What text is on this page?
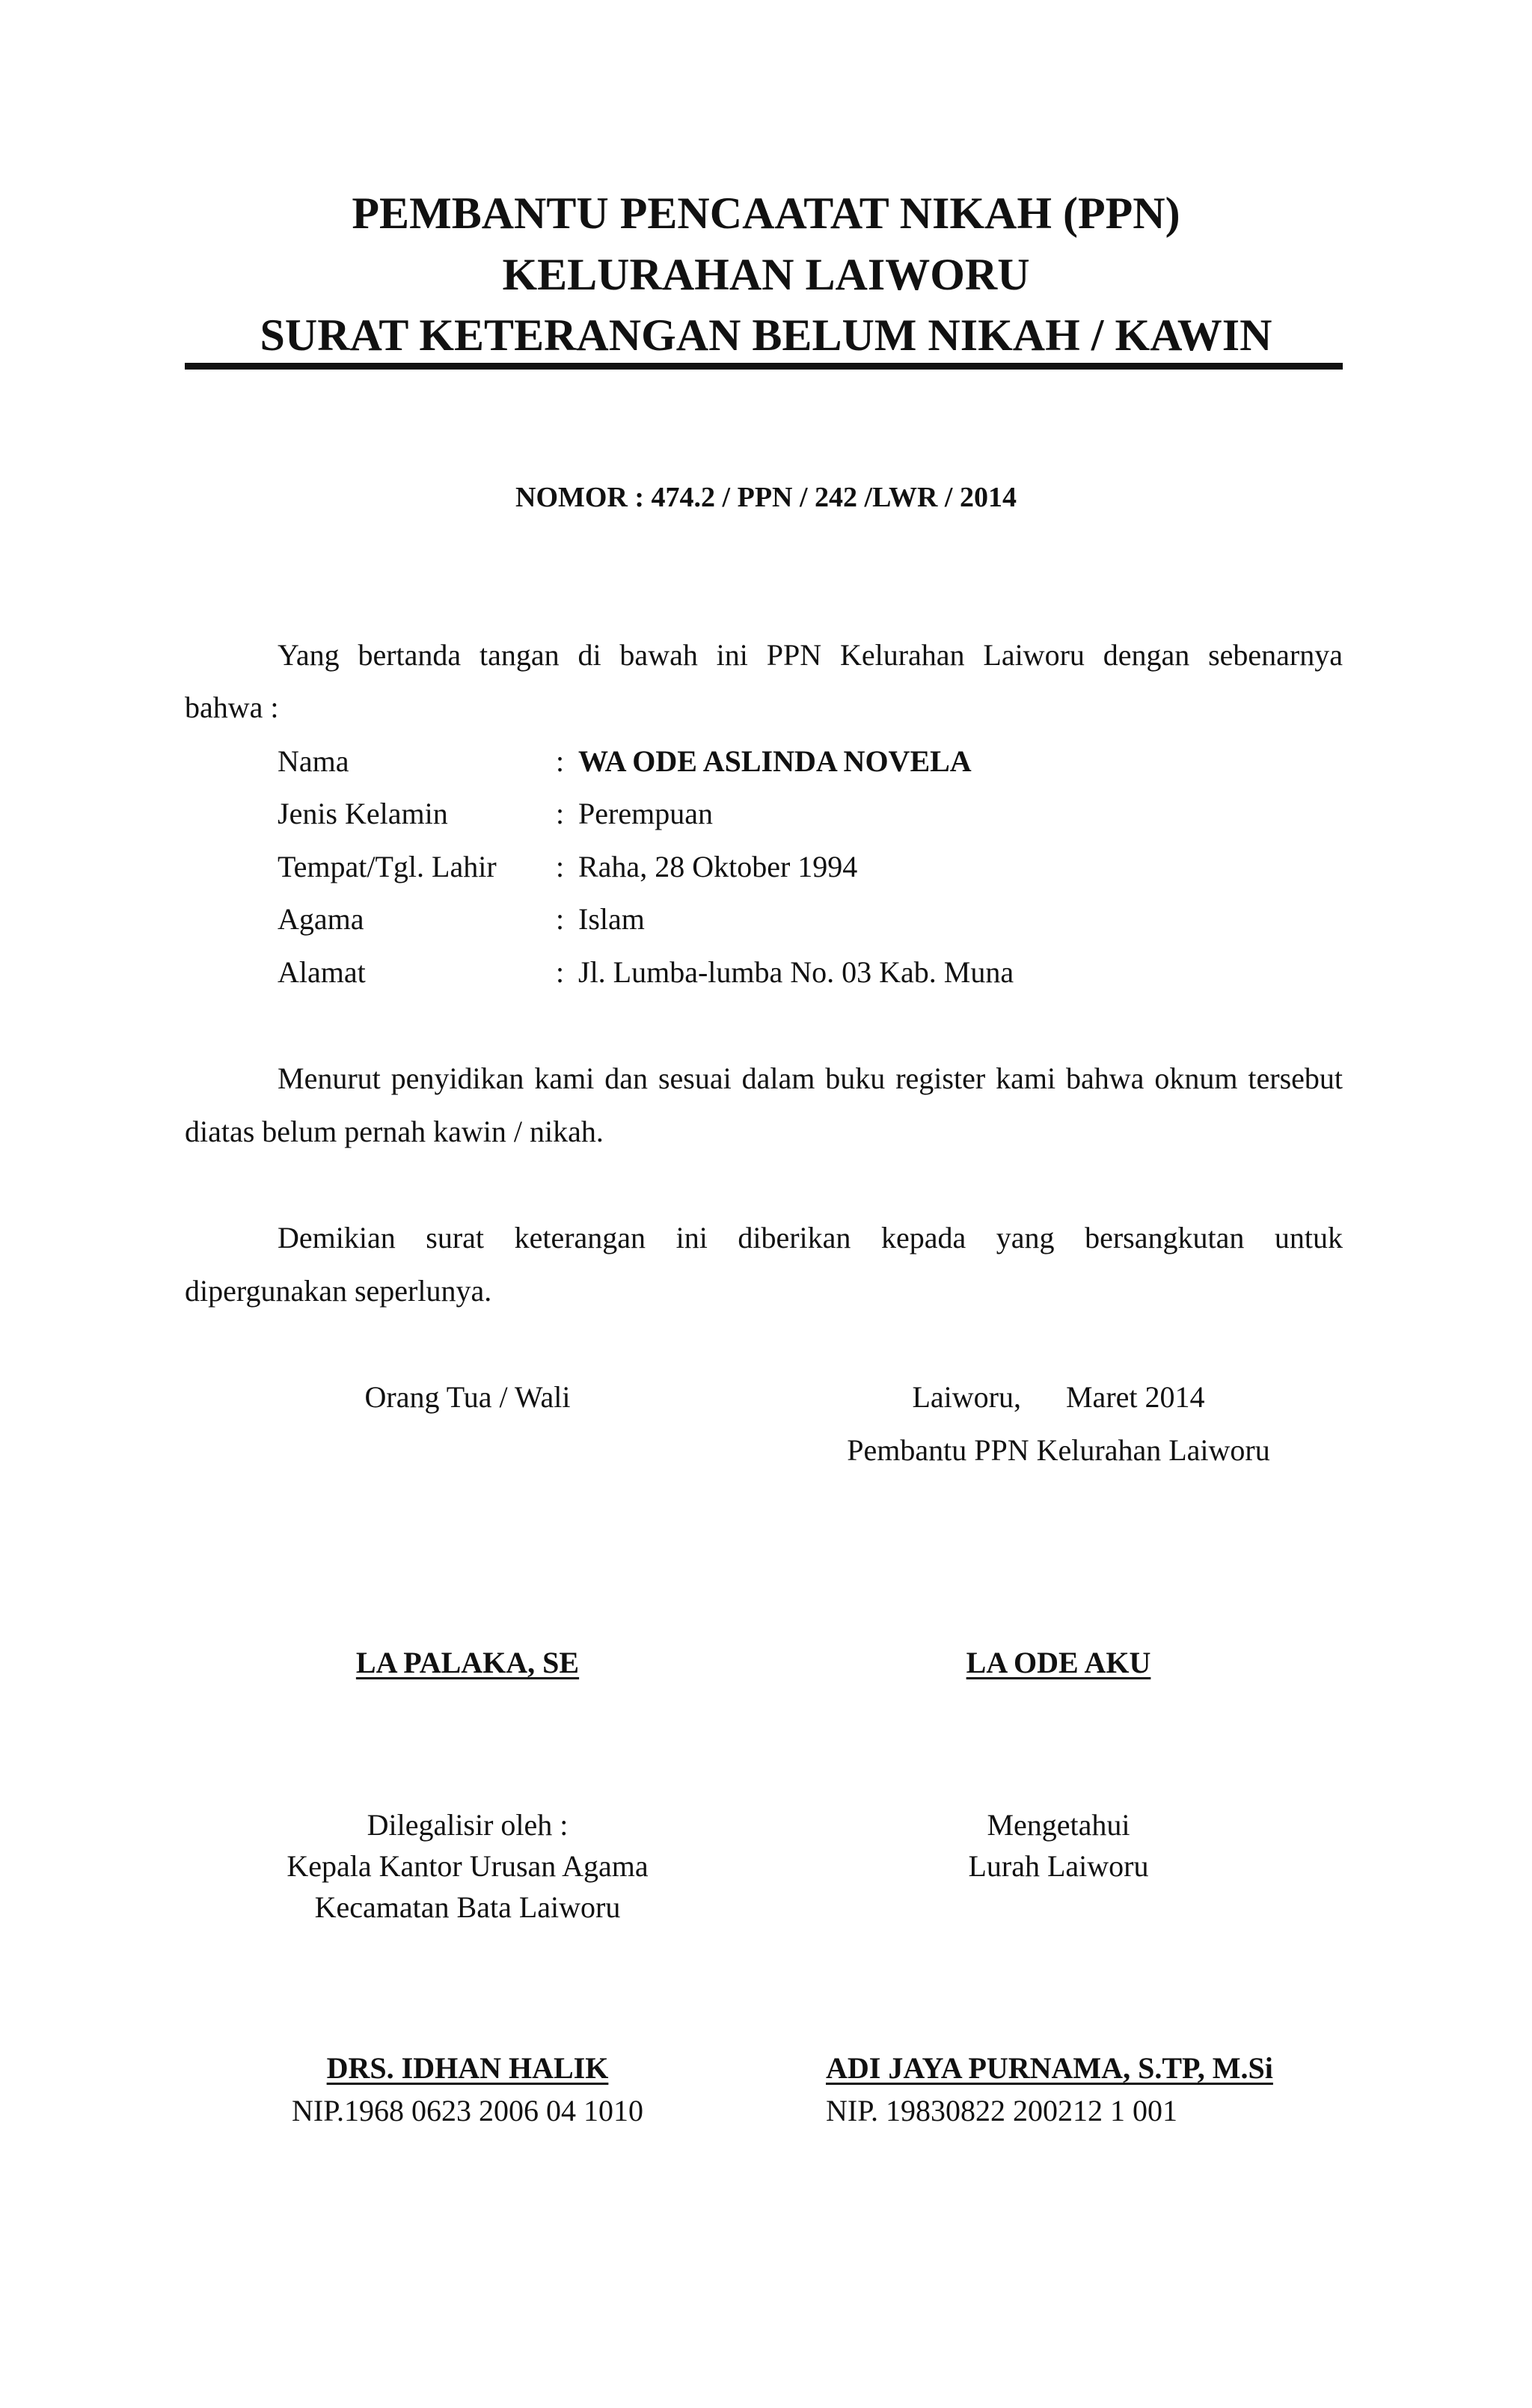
PEMBANTU PENCAATAT NIKAH (PPN)
KELURAHAN LAIWORU
SURAT KETERANGAN BELUM NIKAH / KAWIN
NOMOR : 474.2 / PPN / 242 /LWR / 2014
Yang bertanda tangan di bawah ini PPN Kelurahan Laiworu dengan sebenarnya
bahwa :
Nama	: WA ODE ASLINDA NOVELA
Jenis Kelamin	: Perempuan
Tempat/Tgl. Lahir : Raha, 28 Oktober 1994
Agama	: Islam
Alamat	: Jl. Lumba-lumba No. 03 Kab. Muna
Menurut penyidikan kami dan sesuai dalam buku register kami bahwa oknum tersebut
diatas belum pernah kawin / nikah.
Demikian surat keterangan ini diberikan kepada yang bersangkutan untuk
dipergunakan seperlunya.
Orang Tua / Wali	Laiworu,      Maret 2014
Pembantu PPN Kelurahan Laiworu
LA PALAKA, SE	LA ODE AKU
Dilegalisir oleh :
Kepala Kantor Urusan Agama
Kecamatan Bata Laiworu
Mengetahui
Lurah Laiworu
DRS. IDHAN HALIK
NIP.1968 0623 2006 04 1010
ADI JAYA PURNAMA, S.TP, M.Si
NIP. 19830822 200212 1 001
